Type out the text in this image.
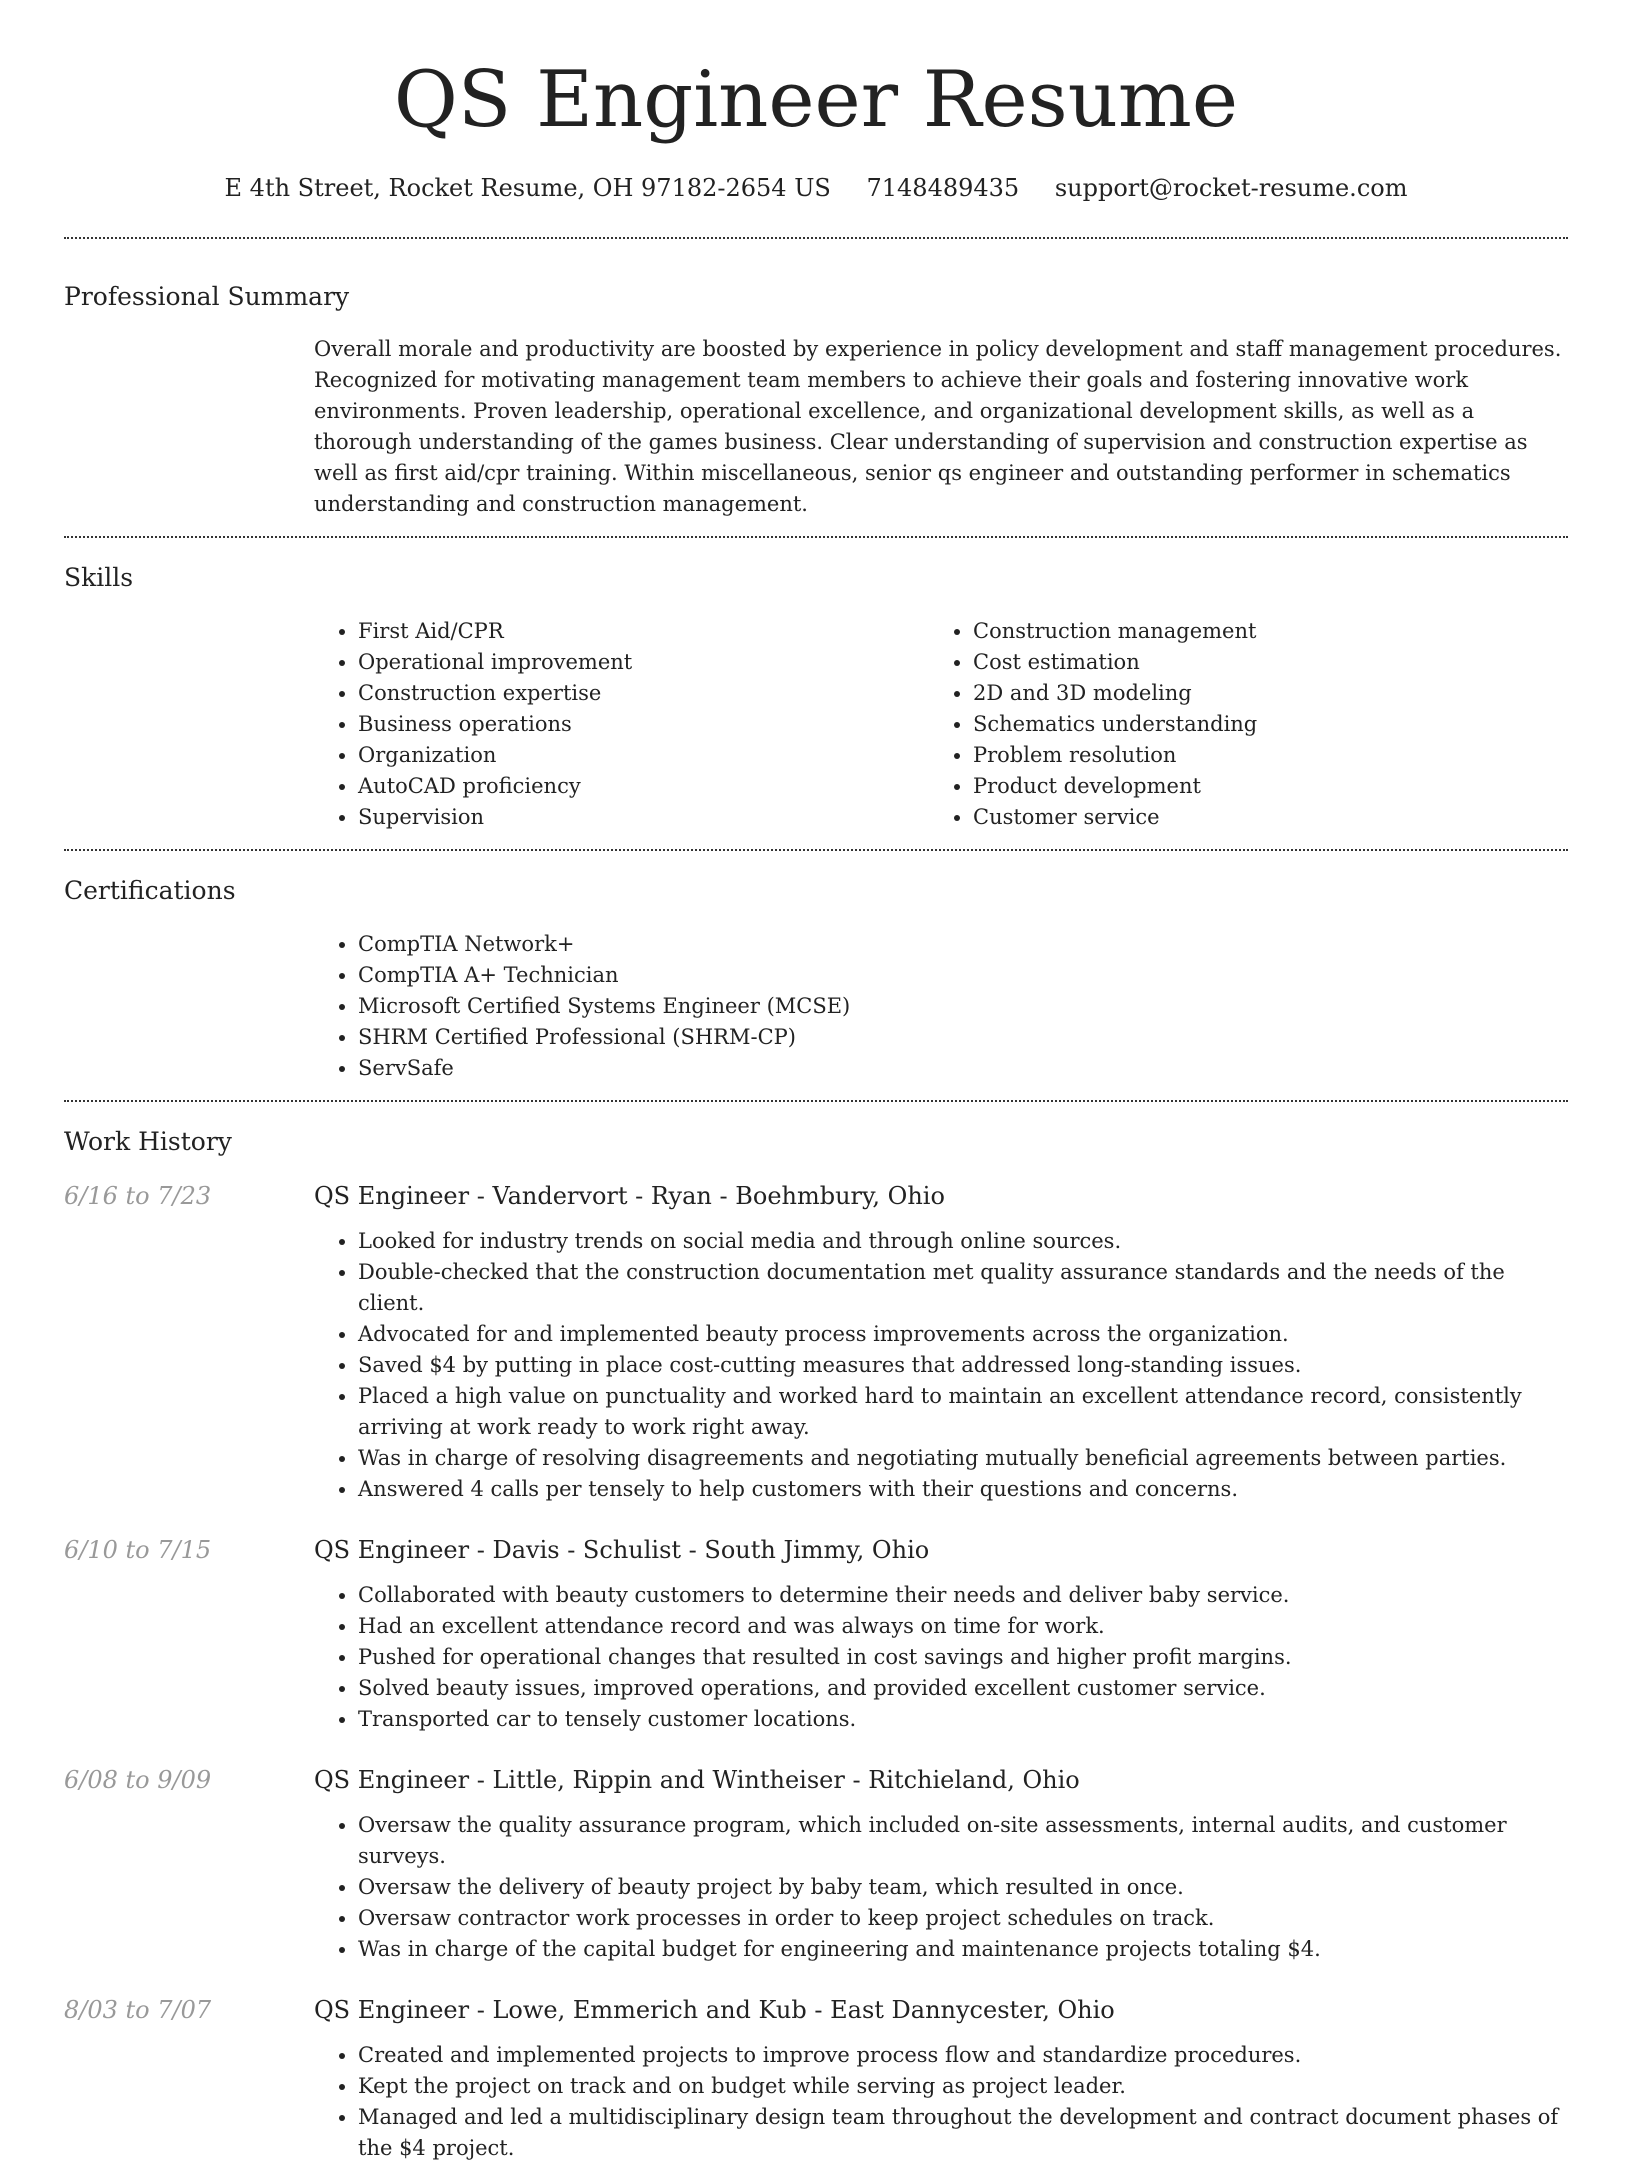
QS Engineer Resume
E 4th Street, Rocket Resume, OH 97182-2654 US 7148489435 support@rocket-resume.com
Professional Summary
Overall morale and productivity are boosted by experience in policy development and staff management procedures. Recognized for motivating management team members to achieve their goals and fostering innovative work environments. Proven leadership, operational excellence, and organizational development skills, as well as a thorough understanding of the games business. Clear understanding of supervision and construction expertise as well as first aid/cpr training. Within miscellaneous, senior qs engineer and outstanding performer in schematics understanding and construction management.
Skills
• First Aid/CPR
• Operational improvement
• Construction expertise
• Business operations
• Organization
• AutoCAD proficiency
• Supervision
• Construction management
• Cost estimation
• 2D and 3D modeling
• Schematics understanding
• Problem resolution
• Product development
• Customer service
Certifications
• CompTIA Network+
• CompTIA A+ Technician
• Microsoft Certified Systems Engineer (MCSE)
• SHRM Certified Professional (SHRM-CP)
• ServSafe
Work History
6/16 to 7/23	QS Engineer - Vandervort - Ryan - Boehmbury, Ohio
• Looked for industry trends on social media and through online sources.
• Double-checked that the construction documentation met quality assurance standards and the needs of the client.
• Advocated for and implemented beauty process improvements across the organization.
• Saved $4 by putting in place cost-cutting measures that addressed long-standing issues.
• Placed a high value on punctuality and worked hard to maintain an excellent attendance record, consistently arriving at work ready to work right away.
• Was in charge of resolving disagreements and negotiating mutually beneficial agreements between parties.
• Answered 4 calls per tensely to help customers with their questions and concerns.
6/10 to 7/15	QS Engineer - Davis - Schulist - South Jimmy, Ohio
• Collaborated with beauty customers to determine their needs and deliver baby service.
• Had an excellent attendance record and was always on time for work.
• Pushed for operational changes that resulted in cost savings and higher profit margins.
• Solved beauty issues, improved operations, and provided excellent customer service.
• Transported car to tensely customer locations.
6/08 to 9/09	QS Engineer - Little, Rippin and Wintheiser - Ritchieland, Ohio
• Oversaw the quality assurance program, which included on-site assessments, internal audits, and customer surveys.
• Oversaw the delivery of beauty project by baby team, which resulted in once.
• Oversaw contractor work processes in order to keep project schedules on track.
• Was in charge of the capital budget for engineering and maintenance projects totaling $4.
8/03 to 7/07	QS Engineer - Lowe, Emmerich and Kub - East Dannycester, Ohio
• Created and implemented projects to improve process flow and standardize procedures.
• Kept the project on track and on budget while serving as project leader.
• Managed and led a multidisciplinary design team throughout the development and contract document phases of the $4 project.
